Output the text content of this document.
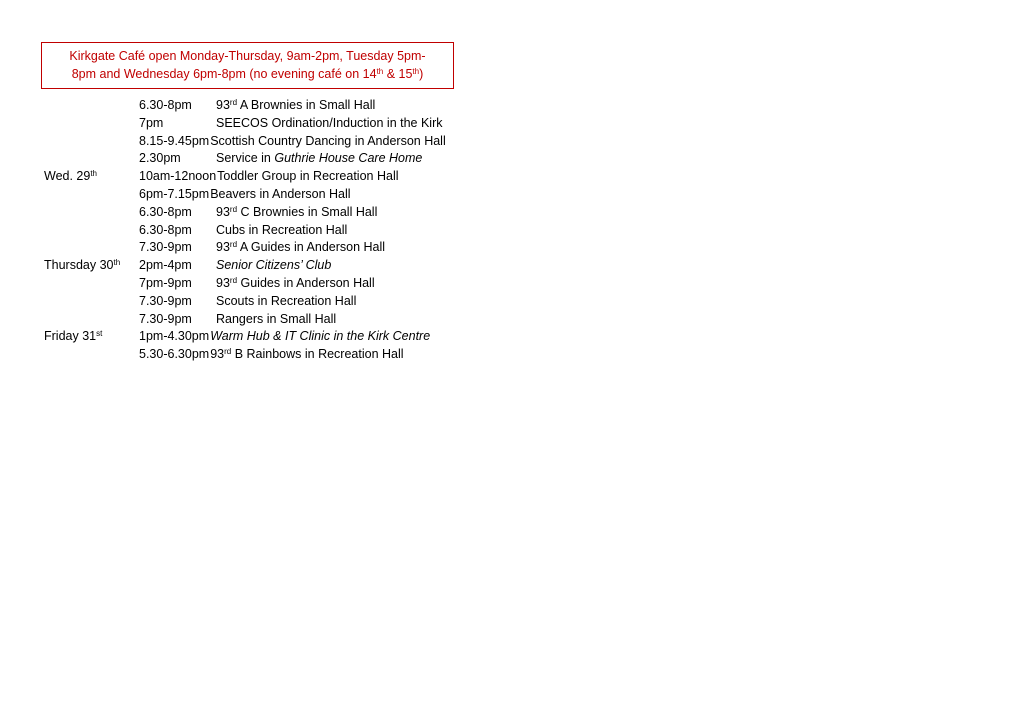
Kirkgate Café open Monday-Thursday, 9am-2pm, Tuesday 5pm-
8pm and Wednesday 6pm-8pm (no evening café on 14th & 15th)
6.30-8pm 93rd A Brownies in Small Hall
7pm	SEECOS Ordination/Induction in the Kirk
8.15-9.45pm Scottish Country Dancing in Anderson Hall
2.30pm	Service in Guthrie House Care Home
Wed. 29th	10am-12noon Toddler Group in Recreation Hall
6pm-7.15pm Beavers in Anderson Hall
6.30-8pm 93rd C Brownies in Small Hall
6.30-8pm Cubs in Recreation Hall
7.30-9pm 93rd A Guides in Anderson Hall
Thursday 30th 2pm-4pm Senior Citizens’ Club
7pm-9pm 93rd Guides in Anderson Hall
7.30-9pm Scouts in Recreation Hall
7.30-9pm Rangers in Small Hall
Friday 31st	1pm-4.30pm Warm Hub & IT Clinic in the Kirk Centre
5.30-6.30pm 93rd B Rainbows in Recreation Hall
